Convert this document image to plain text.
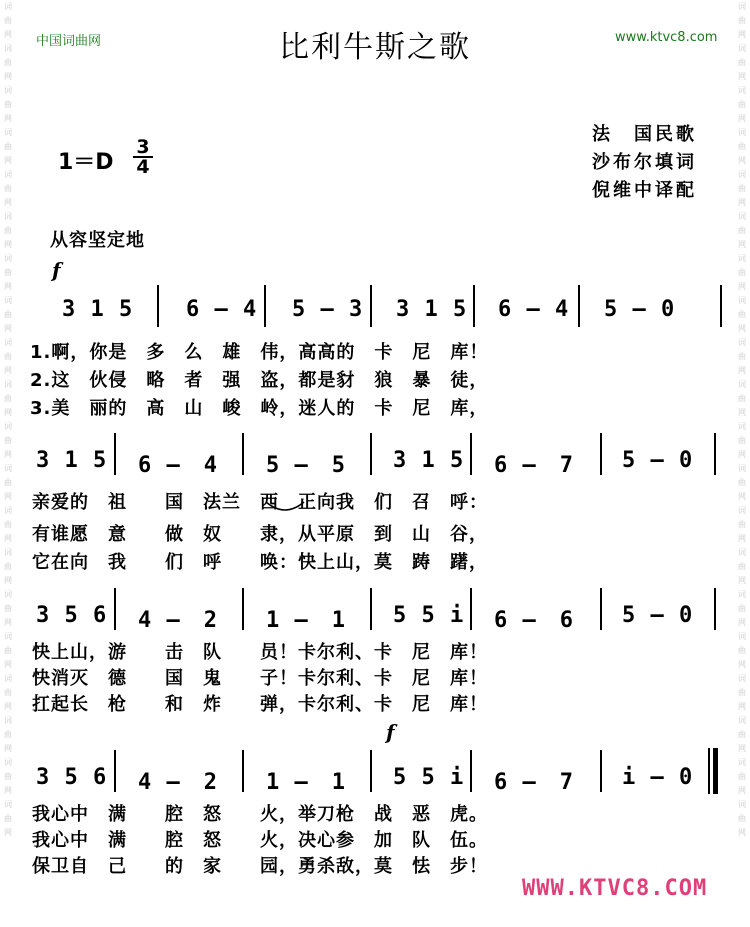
词曲网词曲网词曲网词曲网词曲网词曲网词曲网词曲网词曲网词曲网词曲网词曲网词曲网词曲网词曲网词曲网词曲网词曲网词曲网词曲网
词曲网词曲网词曲网词曲网词曲网词曲网词曲网词曲网词曲网词曲网词曲网词曲网词曲网词曲网词曲网词曲网词曲网词曲网词曲网词曲网
中国词曲网	www.ktvc8.com
比利牛斯之歌
法　国民歌
沙布尔填词
倪维中译配
$1=D \frac{3}{4}$
从容坚定地
f
f
3 1 5 6 — 4 5 — 3 3 1 5 6 — 4 5 — 0
1.啊，你是　多　么　雄　伟，高高的　卡　尼　库！
2.这　伙侵　略　者　强　盗，都是豺　狼　暴　徒，
3.美　丽的　高　山　峻　岭，迷人的　卡　尼　库，
3 1 5 6 —　4 5 —　5 3 1 5 6 —　7 5 — 0
亲爱的　祖　　国　法兰　西　正向我　们　召　呼：
有谁愿　意　　做　奴　　隶，从平原　到　山　谷，
它在向　我　　们　呼　　唤：快上山，莫　踌　躇，
3 5 6 4 —　2 1 —　1 5 5 i 6 —　6 5 — 0
快上山，游　　击　队　　员！卡尔利、卡　尼　库！
快消灭　德　　国　鬼　　子！卡尔利、卡　尼　库！
扛起长　枪　　和　炸　　弹，卡尔利、卡　尼　库！
3 5 6 4 —　2 1 —　1 5 5 i 6 —　7 i — 0
我心中　满　　腔　怒　　火，举刀枪　战　恶　虎。
我心中　满　　腔　怒　　火，决心参　加　队　伍。
保卫自　己　　的　家　　园，勇杀敌，莫　怯　步！
WWW.KTVC8.COM
